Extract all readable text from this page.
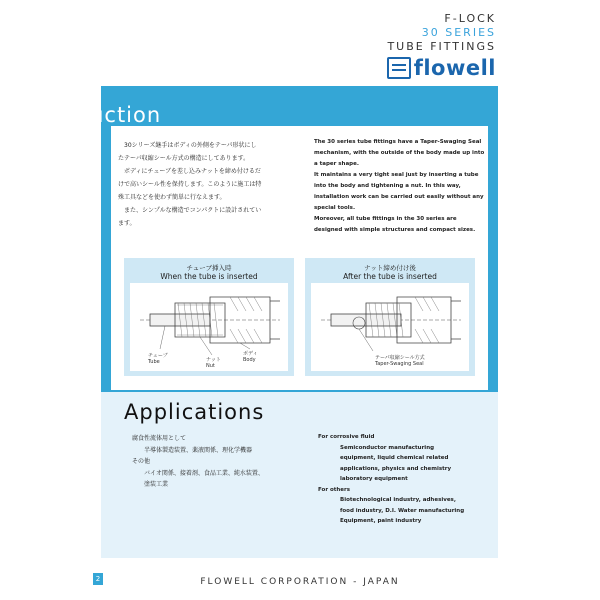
F-LOCK
30 SERIES
TUBE FITTINGS
flowell
Introduction
　30シリーズ継手はボディの外側をテーパ形状にし
たテーパ収縮シール方式の構造にしてあります。
　ボディにチューブを差し込みナットを締め付けるだ
けで高いシール性を保持します。このように施工は特
殊工具などを使わず簡単に行なえます。
　また、シンプルな構造でコンパクトに設計されてい
ます。
The 30 series tube fittings have a Taper-Swaging Seal
mechanism, with the outside of the body made up into
a taper shape.
It maintains a very tight seal just by inserting a tube
into the body and tightening a nut. In this way,
installation work can be carried out easily without any
special tools.
Moreover, all tube fittings in the 30 series are
designed with simple structures and compact sizes.
チューブ挿入時
When the tube is inserted
チューブ
Tube	ナット
Nut
ボディ
Body
ナット締め付け後
After the tube is inserted
テーパ収縮シール方式
Taper-Swaging Seal
Applications
腐食性流体用として
　　半導体製造装置、薬液関係、理化学機器
その他
　　バイオ関係、接着剤、食品工業、純水装置、
　　塗装工業
For corrosive fluid
　　　　Semiconductor manufacturing
　　　　equipment, liquid chemical related
　　　　applications, physics and chemistry
　　　　laboratory equipment
For others
　　　　Biotechnological industry, adhesives,
　　　　food industry, D.I. Water manufacturing
　　　　Equipment, paint industry
2	FLOWELL CORPORATION - JAPAN
